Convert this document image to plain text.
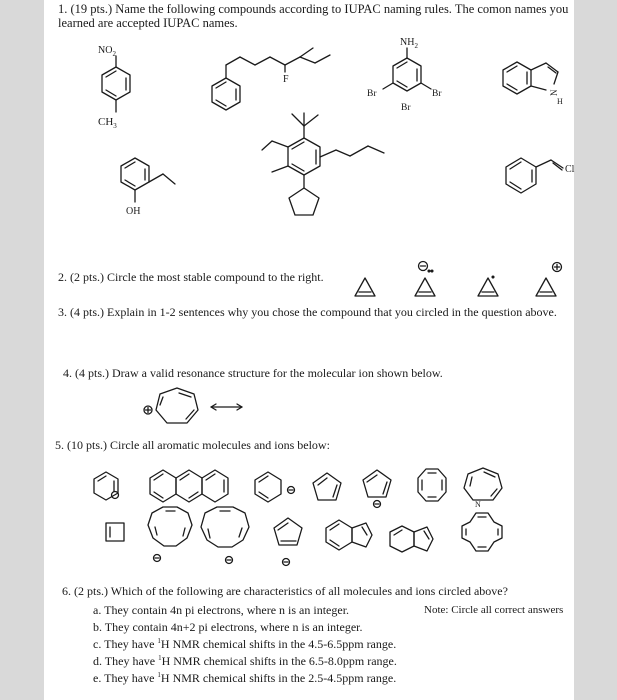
1. (19 pts.) Name the following compounds according to IUPAC naming rules. The comon names you
learned are accepted IUPAC names.
2. (2 pts.) Circle the most stable compound to the right.
3. (4 pts.) Explain in 1-2 sentences why you chose the compound that you circled in the question above.
4. (4 pts.) Draw a valid resonance structure for the molecular ion shown below.
5. (10 pts.) Circle all aromatic molecules and ions below:
6. (2 pts.) Which of the following are characteristics of all molecules and ions circled above?
Note: Circle all correct answers
a. They contain 4n pi electrons, where n is an integer.
b. They contain 4n+2 pi electrons, where n is an integer.
c. They have $^1$H NMR chemical shifts in the 4.5-6.5ppm range.
d. They have $^1$H NMR chemical shifts in the 6.5-8.0ppm range.
e. They have $^1$H NMR chemical shifts in the 2.5-4.5ppm range.
$NO_2$
$CH_3$
F
$NH_2$
Br	Br
Br
N
H
OH
Cl
N
